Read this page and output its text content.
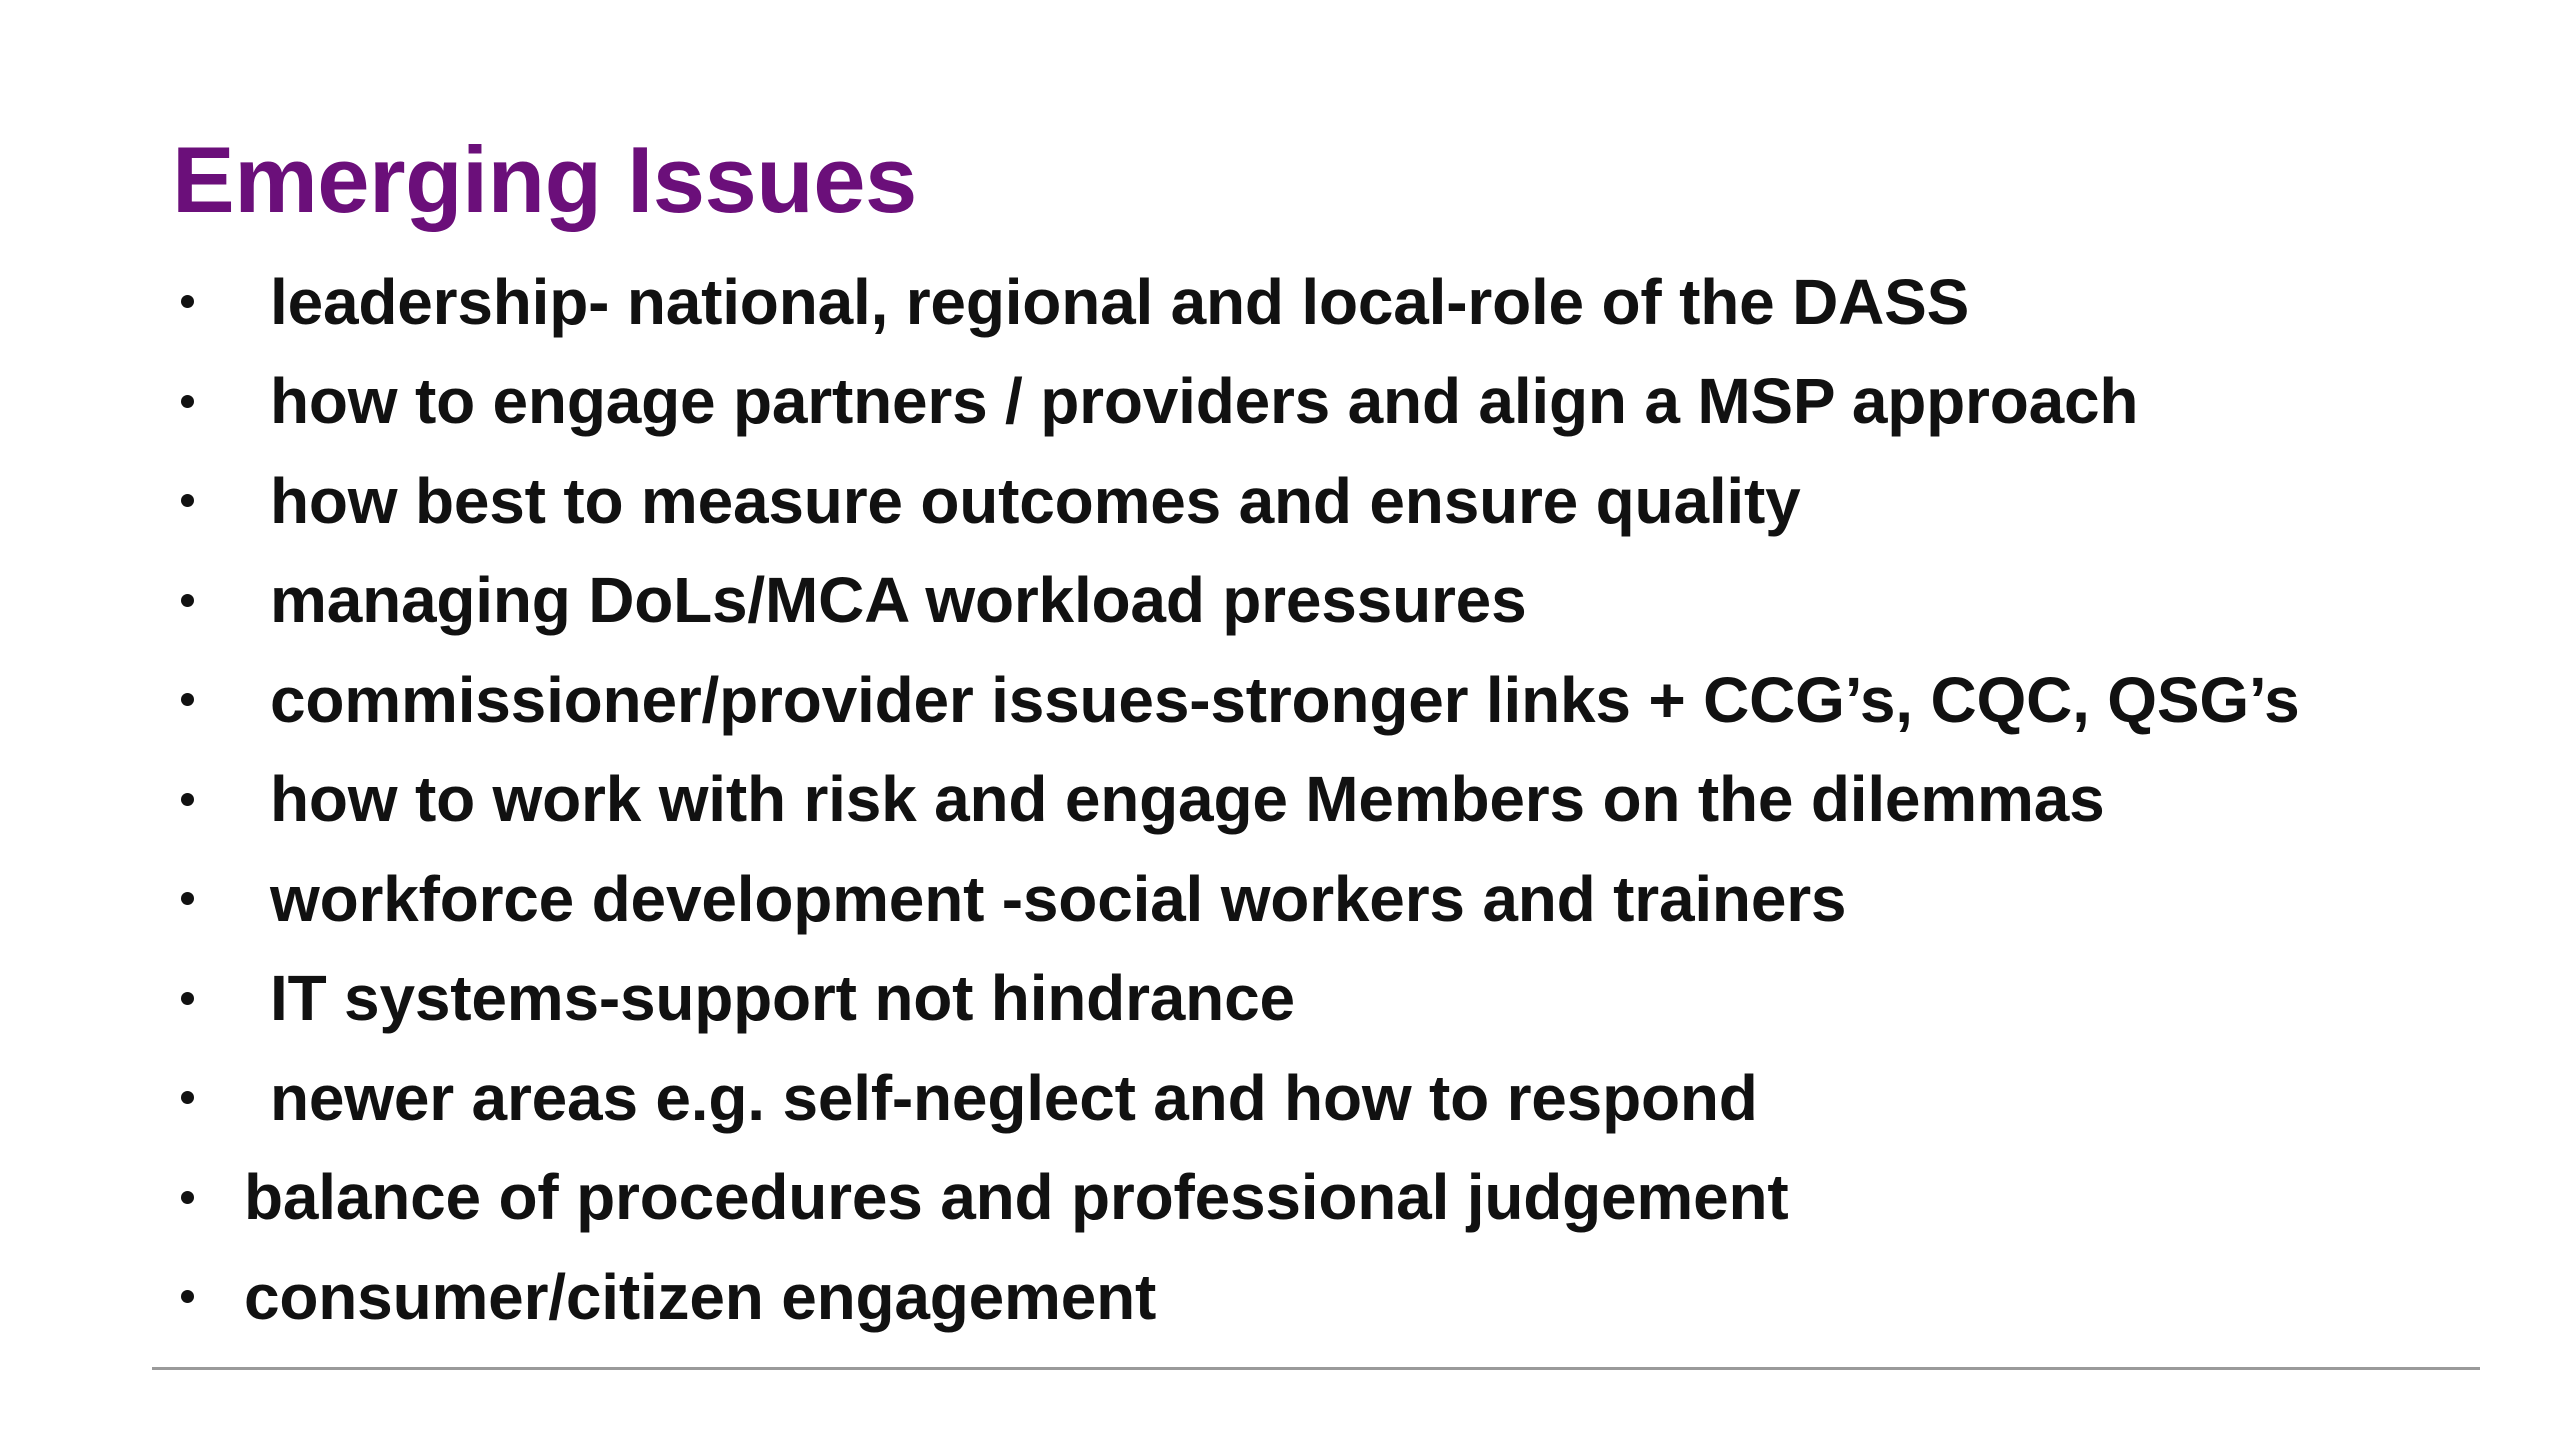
Emerging Issues
leadership- national, regional and local-role of the DASS
how to engage partners / providers and align a MSP approach
how best to measure outcomes and ensure quality
managing DoLs/MCA workload pressures
commissioner/provider issues-stronger links + CCG’s, CQC, QSG’s
how to work with risk and engage Members on the dilemmas
workforce development -social workers and trainers
IT systems-support not hindrance
newer areas e.g. self-neglect and how to respond
balance of procedures and professional judgement
consumer/citizen engagement
